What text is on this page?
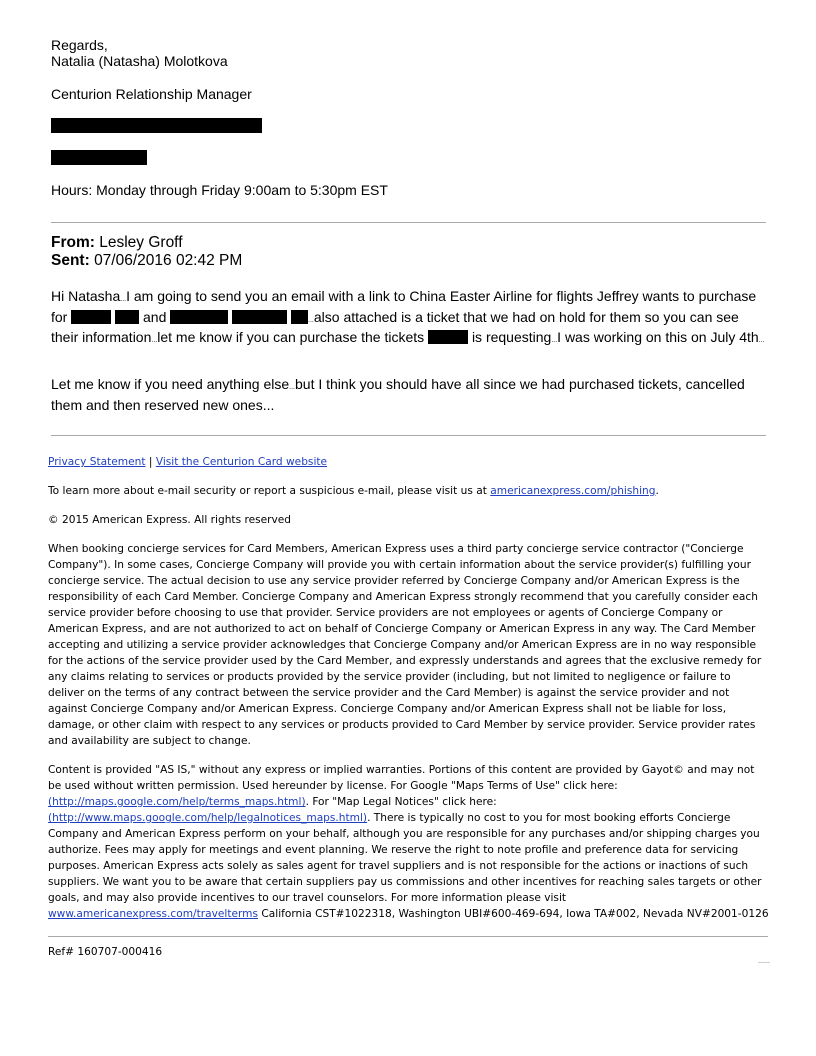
Regards,

Natalia (Natasha) Molotkova

Centurion Relationship Manager
Hours: Monday through Friday 9:00am to 5:30pm EST
From: Lesley Groff
Sent: 07/06/2016 02:42 PM
Hi Natasha...I am going to send you an email with a link to China Easter Airline for flights Jeffrey wants to purchase for	and	...also attached is a ticket that we had on hold for them so you can see their information...let me know if you can purchase the tickets	is requesting...I was working on this on July 4th...
Let me know if you need anything else...but I think you should have all since we had purchased tickets, cancelled them and then reserved new ones...

Privacy Statement | Visit the Centurion Card website

To learn more about e-mail security or report a suspicious e-mail, please visit us at americanexpress.com/phishing.

© 2015 American Express. All rights reserved

When booking concierge services for Card Members, American Express uses a third party concierge service contractor ("Concierge Company"). In some cases, Concierge Company will provide you with certain information about the service provider(s) fulfilling your concierge service. The actual decision to use any service provider referred by Concierge Company and/or American Express is the responsibility of each Card Member. Concierge Company and American Express strongly recommend that you carefully consider each service provider before choosing to use that provider. Service providers are not employees or agents of Concierge Company or American Express, and are not authorized to act on behalf of Concierge Company or American Express in any way. The Card Member accepting and utilizing a service provider acknowledges that Concierge Company and/or American Express are in no way responsible for the actions of the service provider used by the Card Member, and expressly understands and agrees that the exclusive remedy for any claims relating to services or products provided by the service provider (including, but not limited to negligence or failure to deliver on the terms of any contract between the service provider and the Card Member) is against the service provider and not against Concierge Company and/or American Express. Concierge Company and/or American Express shall not be liable for loss, damage, or other claim with respect to any services or products provided to Card Member by service provider. Service provider rates and availability are subject to change.

Content is provided "AS IS," without any express or implied warranties. Portions of this content are provided by Gayot© and may not be used without written permission. Used hereunder by license. For Google "Maps Terms of Use" click here: (http://maps.google.com/help/terms_maps.html). For "Map Legal Notices" click here: (http://www.maps.google.com/help/legalnotices_maps.html). There is typically no cost to you for most booking efforts Concierge Company and American Express perform on your behalf, although you are responsible for any purchases and/or shipping charges you authorize. Fees may apply for meetings and event planning. We reserve the right to note profile and preference data for servicing purposes. American Express acts solely as sales agent for travel suppliers and is not responsible for the actions or inactions of such suppliers. We want you to be aware that certain suppliers pay us commissions and other incentives for reaching sales targets or other goals, and may also provide incentives to our travel counselors. For more information please visit www.americanexpress.com/travelterms California CST#1022318, Washington UBI#600-469-694, Iowa TA#002, Nevada NV#2001-0126

Ref# 160707-000416
